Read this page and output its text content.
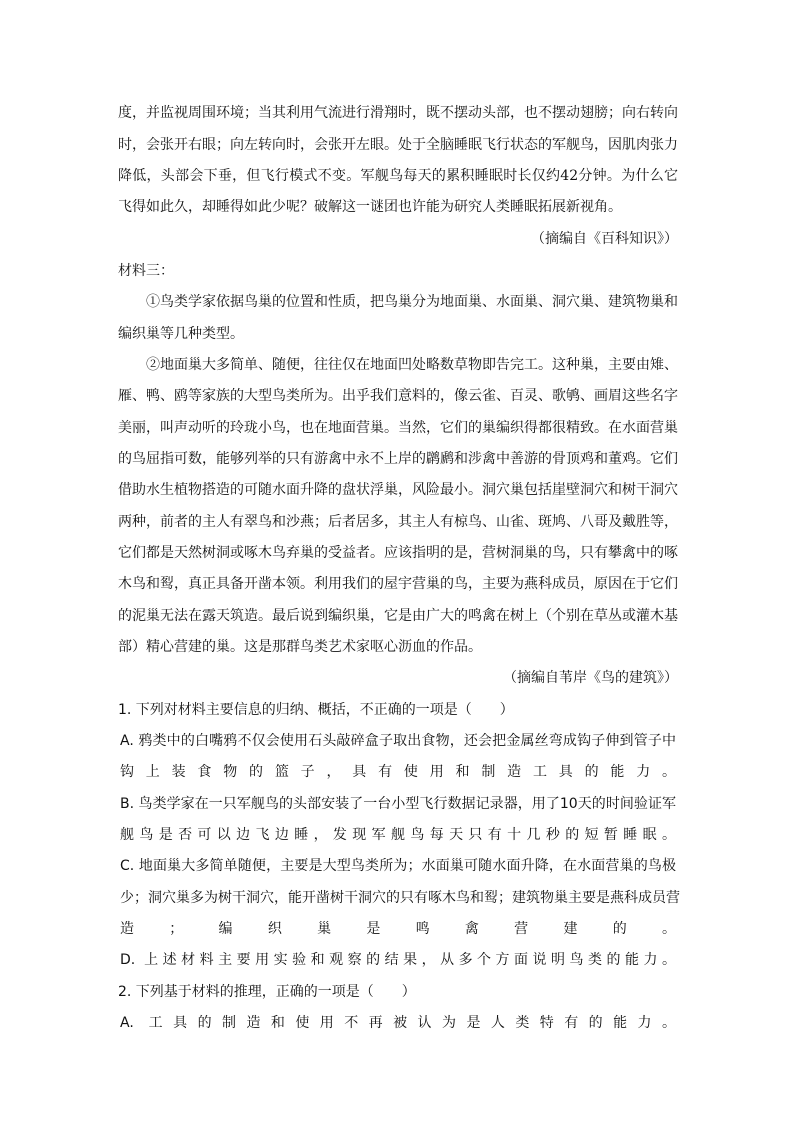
度，并监视周围环境；当其利用气流进行滑翔时，既不摆动头部，也不摆动翅膀；向右转向
时，会张开右眼；向左转向时，会张开左眼。处于全脑睡眠飞行状态的军舰鸟，因肌肉张力
降低，头部会下垂，但飞行模式不变。军舰鸟每天的累积睡眠时长仅约42分钟。为什么它
飞得如此久，却睡得如此少呢？破解这一谜团也许能为研究人类睡眠拓展新视角。
（摘编自《百科知识》）
材料三：
①鸟类学家依据鸟巢的位置和性质，把鸟巢分为地面巢、水面巢、洞穴巢、建筑物巢和
编织巢等几种类型。
②地面巢大多简单、随便，往往仅在地面凹处略数草物即告完工。这种巢，主要由雉、
雁、鸭、鸥等家族的大型鸟类所为。出乎我们意料的，像云雀、百灵、歌鸲、画眉这些名字
美丽，叫声动听的玲珑小鸟，也在地面营巢。当然，它们的巢编织得都很精致。在水面营巢
的鸟屈指可数，能够列举的只有游禽中永不上岸的䴙䴘和涉禽中善游的骨顶鸡和董鸡。它们
借助水生植物搭造的可随水面升降的盘状浮巢，风险最小。洞穴巢包括崖壁洞穴和树干洞穴
两种，前者的主人有翠鸟和沙燕；后者居多，其主人有椋鸟、山雀、斑鸠、八哥及戴胜等，
它们都是天然树洞或啄木鸟弃巢的受益者。应该指明的是，营树洞巢的鸟，只有攀禽中的啄
木鸟和䴕，真正具备开凿本领。利用我们的屋宇营巢的鸟，主要为燕科成员，原因在于它们
的泥巢无法在露天筑造。最后说到编织巢，它是由广大的鸣禽在树上（个别在草丛或灌木基
部）精心营建的巢。这是那群鸟类艺术家呕心沥血的作品。
（摘编自苇岸《鸟的建筑》）
1. 下列对材料主要信息的归纳、概括，不正确的一项是（　　）
A. 鸦类中的白嘴鸦不仅会使用石头敲碎盒子取出食物，还会把金属丝弯成钩子伸到管子中
钩上装食物的篮子，具有使用和制造工具的能力。
B. 鸟类学家在一只军舰鸟的头部安装了一台小型飞行数据记录器，用了10天的时间验证军
舰鸟是否可以边飞边睡，发现军舰鸟每天只有十几秒的短暂睡眠。
C. 地面巢大多简单随便，主要是大型鸟类所为；水面巢可随水面升降，在水面营巢的鸟极
少；洞穴巢多为树干洞穴，能开凿树干洞穴的只有啄木鸟和䴕；建筑物巢主要是燕科成员营
造；编织巢是鸣禽营建的。
D. 上述材料主要用实验和观察的结果，从多个方面说明鸟类的能力。
2. 下列基于材料的推理，正确的一项是（　　）
A. 工具的制造和使用不再被认为是人类特有的能力。
